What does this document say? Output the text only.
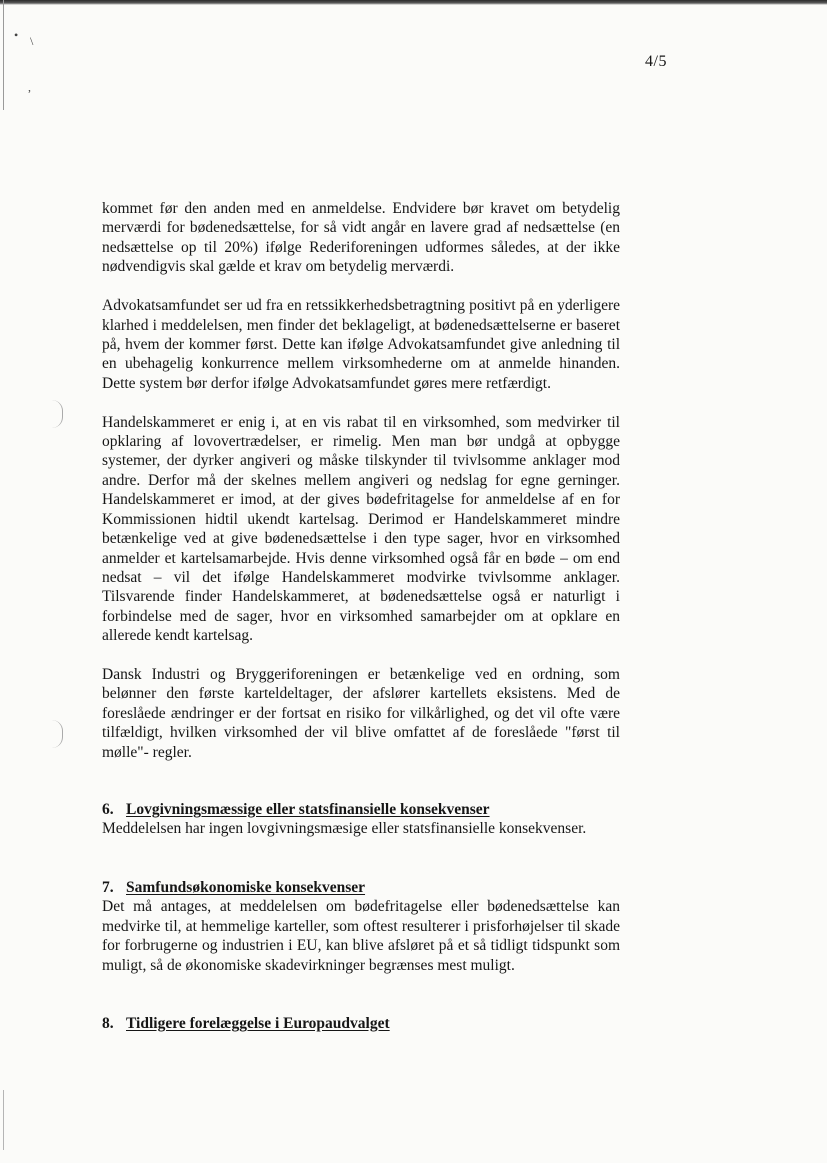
• \
,
4/5

kommet før den anden med en anmeldelse. Endvidere bør kravet om betydelig merværdi for bødenedsættelse, for så vidt angår en lavere grad af nedsættelse (en nedsættelse op til 20%) ifølge Rederiforeningen udformes således, at der ikke nødvendigvis skal gælde et krav om betydelig merværdi.

Advokatsamfundet ser ud fra en retssikkerhedsbetragtning positivt på en yderligere klarhed i meddelelsen, men finder det beklageligt, at bødenedsættelserne er baseret på, hvem der kommer først. Dette kan ifølge Advokatsamfundet give anledning til en ubehagelig konkurrence mellem virksomhederne om at anmelde hinanden. Dette system bør derfor ifølge Advokatsamfundet gøres mere retfærdigt.

Handelskammeret er enig i, at en vis rabat til en virksomhed, som medvirker til opklaring af lovovertrædelser, er rimelig. Men man bør undgå at opbygge systemer, der dyrker angiveri og måske tilskynder til tvivlsomme anklager mod andre. Derfor må der skelnes mellem angiveri og nedslag for egne gerninger. Handelskammeret er imod, at der gives bødefritagelse for anmeldelse af en for Kommissionen hidtil ukendt kartelsag. Derimod er Handelskammeret mindre betænkelige ved at give bødenedsættelse i den type sager, hvor en virksomhed anmelder et kartelsamarbejde. Hvis denne virksomhed også får en bøde – om end nedsat – vil det ifølge Handelskammeret modvirke tvivlsomme anklager. Tilsvarende finder Handelskammeret, at bødenedsættelse også er naturligt i forbindelse med de sager, hvor en virksomhed samarbejder om at opklare en allerede kendt kartelsag.

Dansk Industri og Bryggeriforeningen er betænkelige ved en ordning, som belønner den første karteldeltager, der afslører kartellets eksistens. Med de foreslåede ændringer er der fortsat en risiko for vilkårlighed, og det vil ofte være tilfældigt, hvilken virksomhed der vil blive omfattet af de foreslåede "først til mølle"- regler.

6. Lovgivningsmæssige eller statsfinansielle konsekvenser

Meddelelsen har ingen lovgivningsmæsige eller statsfinansielle konsekvenser.

7. Samfundsøkonomiske konsekvenser

Det må antages, at meddelelsen om bødefritagelse eller bødenedsættelse kan medvirke til, at hemmelige karteller, som oftest resulterer i prisforhøjelser til skade for forbrugerne og industrien i EU, kan blive afsløret på et så tidligt tidspunkt som muligt, så de økonomiske skadevirkninger begrænses mest muligt.

8. Tidligere forelæggelse i Europaudvalget
